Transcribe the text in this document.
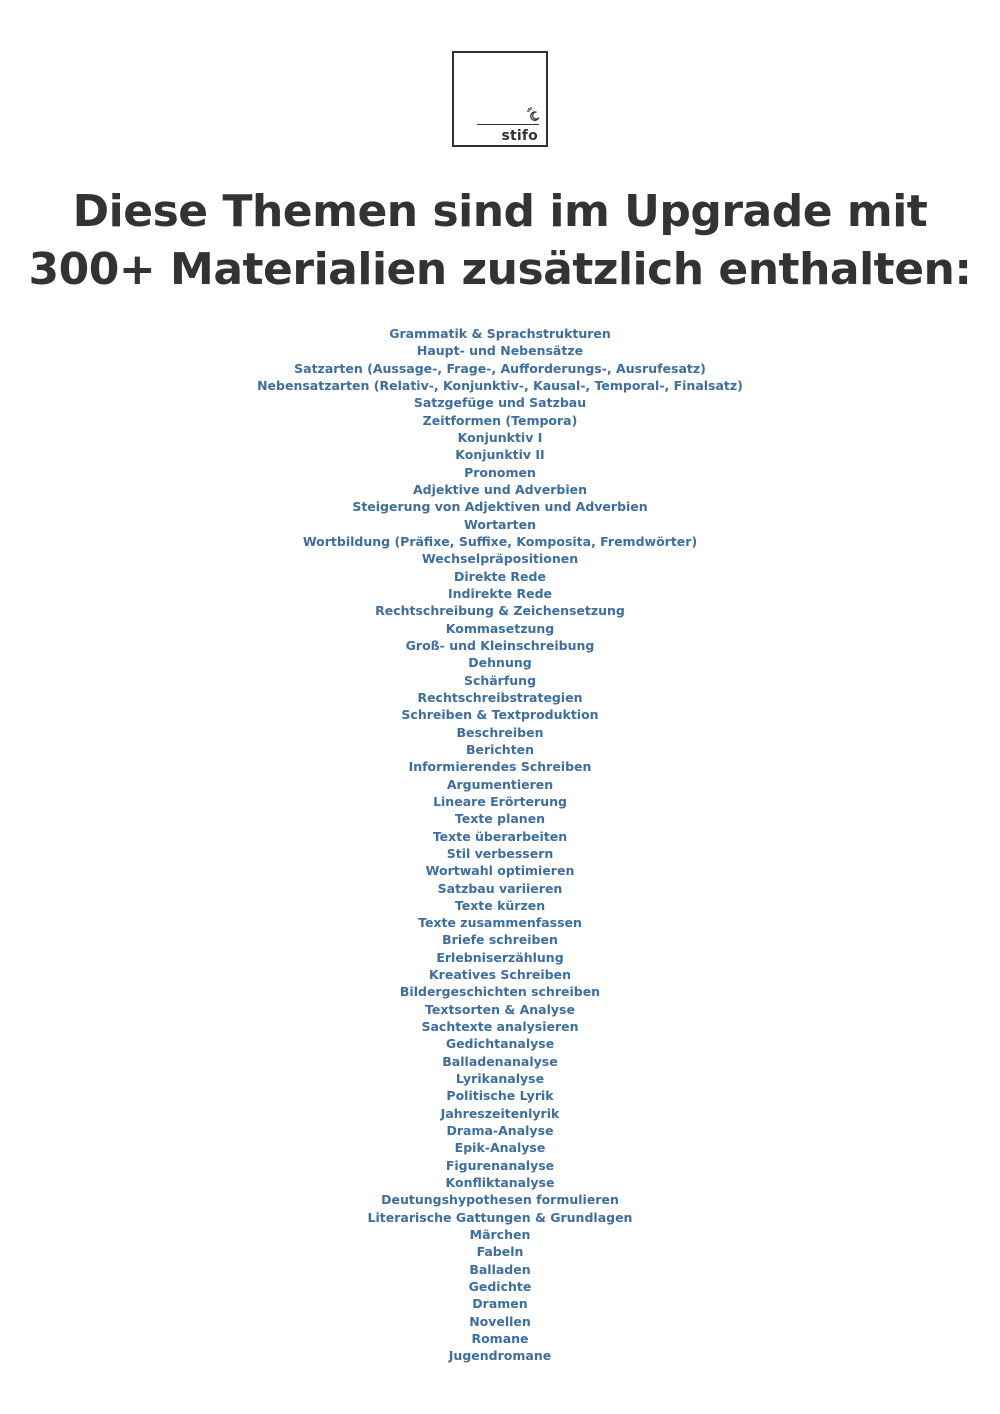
stifo
Diese Themen sind im Upgrade mit
300+ Materialien zusätzlich enthalten:
Grammatik & Sprachstrukturen
Haupt- und Nebensätze
Satzarten (Aussage-, Frage-, Aufforderungs-, Ausrufesatz)
Nebensatzarten (Relativ-, Konjunktiv-, Kausal-, Temporal-, Finalsatz)
Satzgefüge und Satzbau
Zeitformen (Tempora)
Konjunktiv I
Konjunktiv II
Pronomen
Adjektive und Adverbien
Steigerung von Adjektiven und Adverbien
Wortarten
Wortbildung (Präfixe, Suffixe, Komposita, Fremdwörter)
Wechselpräpositionen
Direkte Rede
Indirekte Rede
Rechtschreibung & Zeichensetzung
Kommasetzung
Groß- und Kleinschreibung
Dehnung
Schärfung
Rechtschreibstrategien
Schreiben & Textproduktion
Beschreiben
Berichten
Informierendes Schreiben
Argumentieren
Lineare Erörterung
Texte planen
Texte überarbeiten
Stil verbessern
Wortwahl optimieren
Satzbau variieren
Texte kürzen
Texte zusammenfassen
Briefe schreiben
Erlebniserzählung
Kreatives Schreiben
Bildergeschichten schreiben
Textsorten & Analyse
Sachtexte analysieren
Gedichtanalyse
Balladenanalyse
Lyrikanalyse
Politische Lyrik
Jahreszeitenlyrik
Drama-Analyse
Epik-Analyse
Figurenanalyse
Konfliktanalyse
Deutungshypothesen formulieren
Literarische Gattungen & Grundlagen
Märchen
Fabeln
Balladen
Gedichte
Dramen
Novellen
Romane
Jugendromane
